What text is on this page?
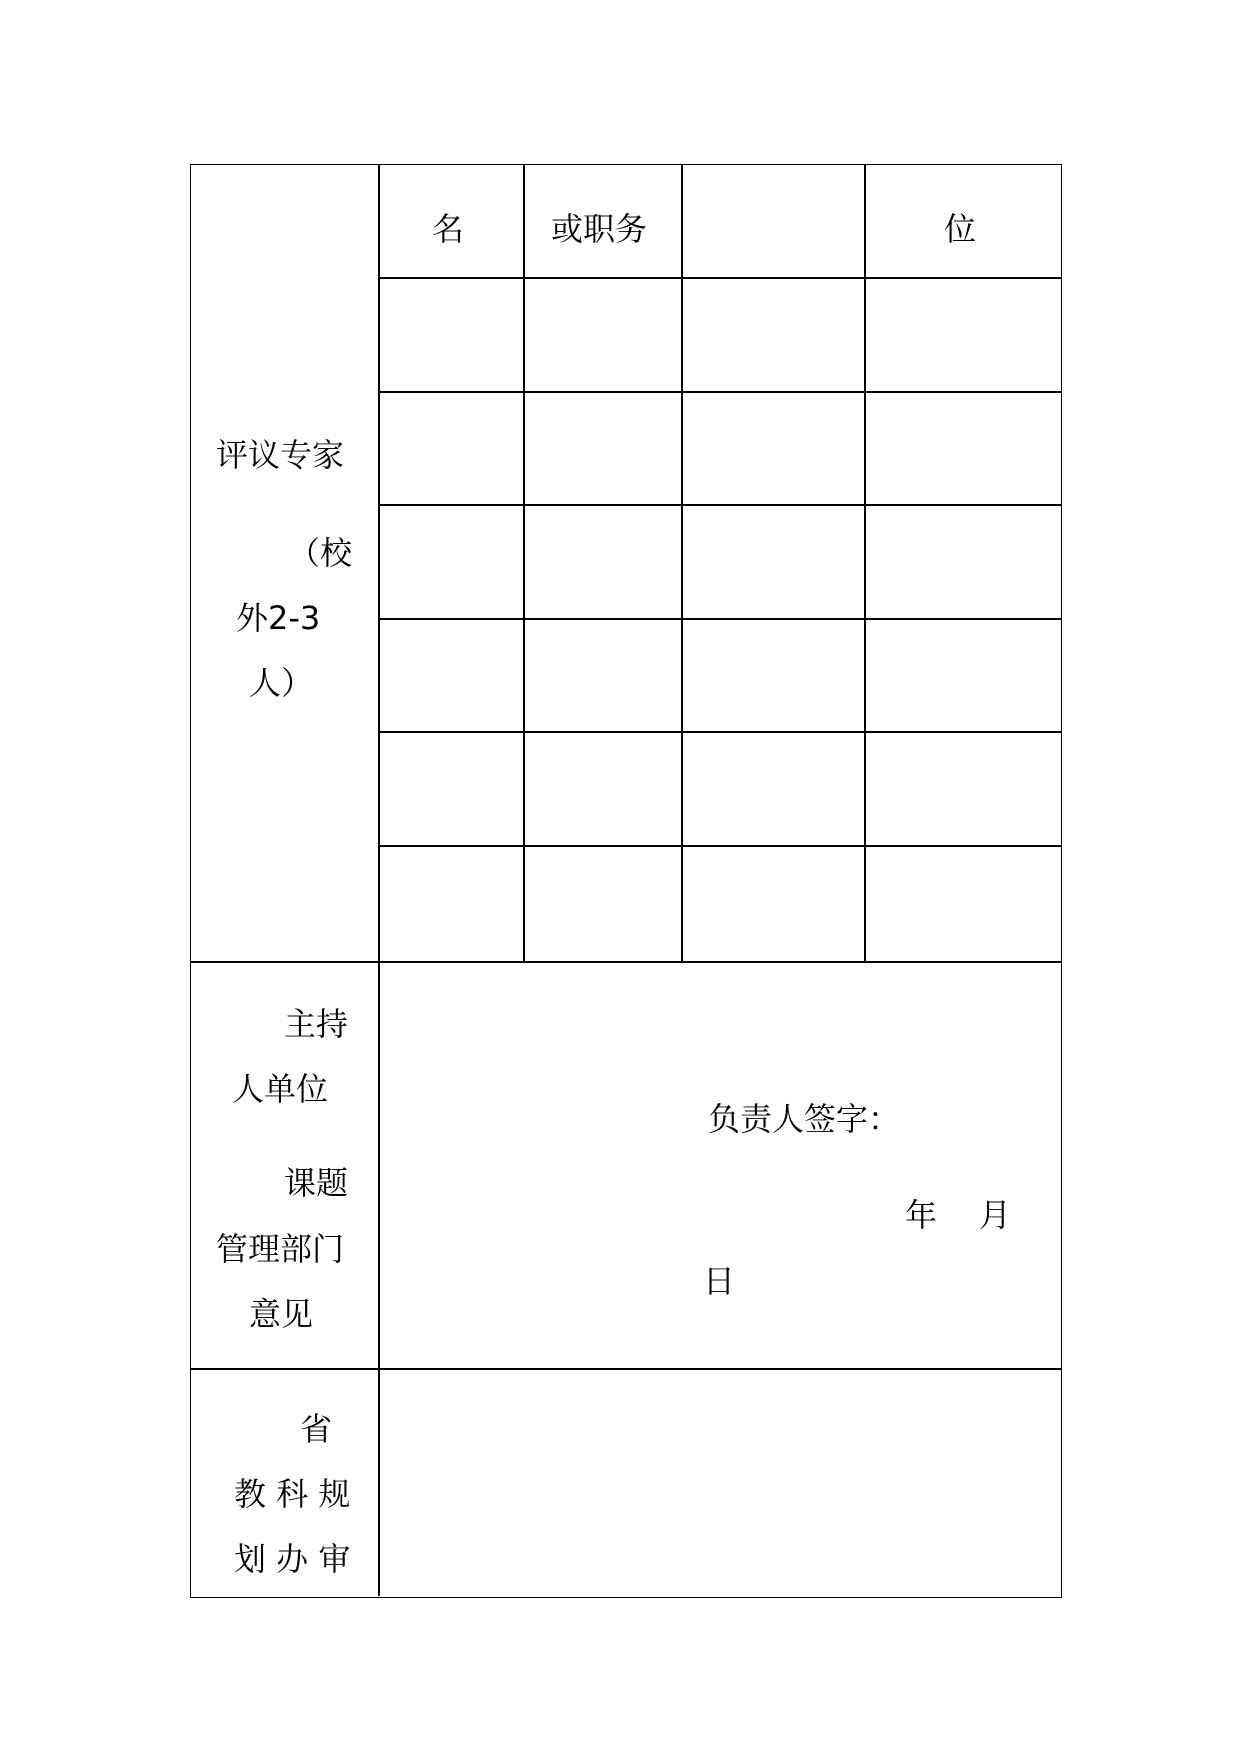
名	或职务	位
评议专家
（校
外2-3
人）
主持
人单位
课题
管理部门
意见
负责人签字：
年 月
日
省
教 科 规
划 办 审
